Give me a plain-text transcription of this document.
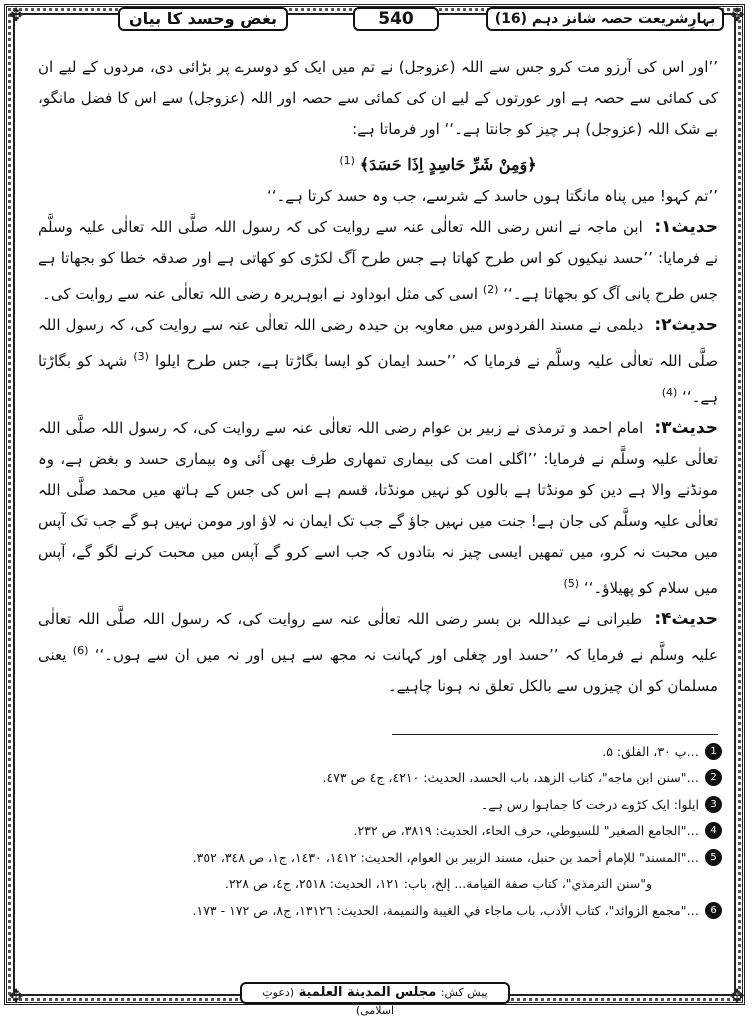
✥	✥
✥	✥
بغض وحسد کا بیان	540	بہارِشریعت حصہ شانز دہم (16)

’’اور اس کی آرزو مت کرو جس سے اللہ (عزوجل) نے تم میں ایک کو دوسرے پر بڑائی دی، مردوں کے لیے ان کی کمائی سے حصہ ہے اور عورتوں کے لیے ان کی کمائی سے حصہ اور اللہ (عزوجل) سے اس کا فضل مانگو، بے شک اللہ (عزوجل) ہر چیز کو جانتا ہے۔‘‘ اور فرماتا ہے:

﴿وَمِنْ شَرِّ حَاسِدٍ اِذَا حَسَدَ﴾ $^{(1)}$

’’تم کہو! میں پناہ مانگتا ہوں حاسد کے شرسے، جب وہ حسد کرتا ہے۔‘‘

حدیث۱: ابن ماجہ نے انس رضی اللہ تعالٰی عنہ سے روایت کی کہ رسول اللہ صلَّی اللہ تعالٰی علیہ وسلَّم نے فرمایا: ’’حسد نیکیوں کو اس طرح کھاتا ہے جس طرح آگ لکڑی کو کھاتی ہے اور صدقہ خطا کو بجھاتا ہے جس طرح پانی آگ کو بجھاتا ہے۔‘‘ $^{(2)}$ اسی کی مثل ابوداود نے ابوہریرہ رضی اللہ تعالٰی عنہ سے روایت کی۔

حدیث۲: دیلمی نے مسند الفردوس میں معاویہ بن حیدہ رضی اللہ تعالٰی عنہ سے روایت کی، کہ رسول اللہ صلَّی اللہ تعالٰی علیہ وسلَّم نے فرمایا کہ ’’حسد ایمان کو ایسا بگاڑتا ہے، جس طرح ایلوا $^{(3)}$ شہد کو بگاڑتا ہے۔‘‘ $^{(4)}$

حدیث۳: امام احمد و ترمذی نے زبیر بن عوام رضی اللہ تعالٰی عنہ سے روایت کی، کہ رسول اللہ صلَّی اللہ تعالٰی علیہ وسلَّم نے فرمایا: ’’اگلی امت کی بیماری تمھاری طرف بھی آئی وہ بیماری حسد و بغض ہے، وہ مونڈنے والا ہے دین کو مونڈتا ہے بالوں کو نہیں مونڈتا، قسم ہے اس کی جس کے ہاتھ میں محمد صلَّی اللہ تعالٰی علیہ وسلَّم کی جان ہے! جنت میں نہیں جاؤ گے جب تک ایمان نہ لاؤ اور مومن نہیں ہو گے جب تک آپس میں محبت نہ کرو، میں تمھیں ایسی چیز نہ بتادوں کہ جب اسے کرو گے آپس میں محبت کرنے لگو گے، آپس میں سلام کو پھیلاؤ۔‘‘ $^{(5)}$

حدیث۴: طبرانی نے عبداللہ بن بسر رضی اللہ تعالٰی عنہ سے روایت کی، کہ رسول اللہ صلَّی اللہ تعالٰی علیہ وسلَّم نے فرمایا کہ ’’حسد اور چغلی اور کہانت نہ مجھ سے ہیں اور نہ میں ان سے ہوں۔‘‘ $^{(6)}$ یعنی مسلمان کو ان چیزوں سے بالکل تعلق نہ ہونا چاہیے۔

1
…پ ۳۰، الفلق: ۵.
2
…"سنن ابن ماجه"، كتاب الزهد، باب الحسد، الحديث: ٤٢١٠، ج٤ ص ٤٧٣.
3
ایلوا: ایک کڑوے درخت کا جماہوا رس ہے۔
4
…"الجامع الصغير" للسيوطي، حرف الحاء، الحديث: ٣٨١٩، ص ٢٣٢.
5
…"المسند" للإمام أحمد بن حنبل، مسند الزبير بن العوام، الحديث: ١٤١٢، ١٤٣٠، ج١، ص ٣٤٨، ٣٥٢.
و"سنن الترمذي"، كتاب صفة القيامة... إلخ، باب: ١٢١، الحديث: ٢٥١٨، ج٤، ص ٢٢٨.
6
…"مجمع الزوائد"، كتاب الأدب، باب ماجاء في الغيبة والنميمة، الحديث: ١٣١٢٦، ج٨، ص ١٧٢ - ١٧٣.
پیش کش: مجلس المدينة العلمية (دعوتِ اسلامی)
